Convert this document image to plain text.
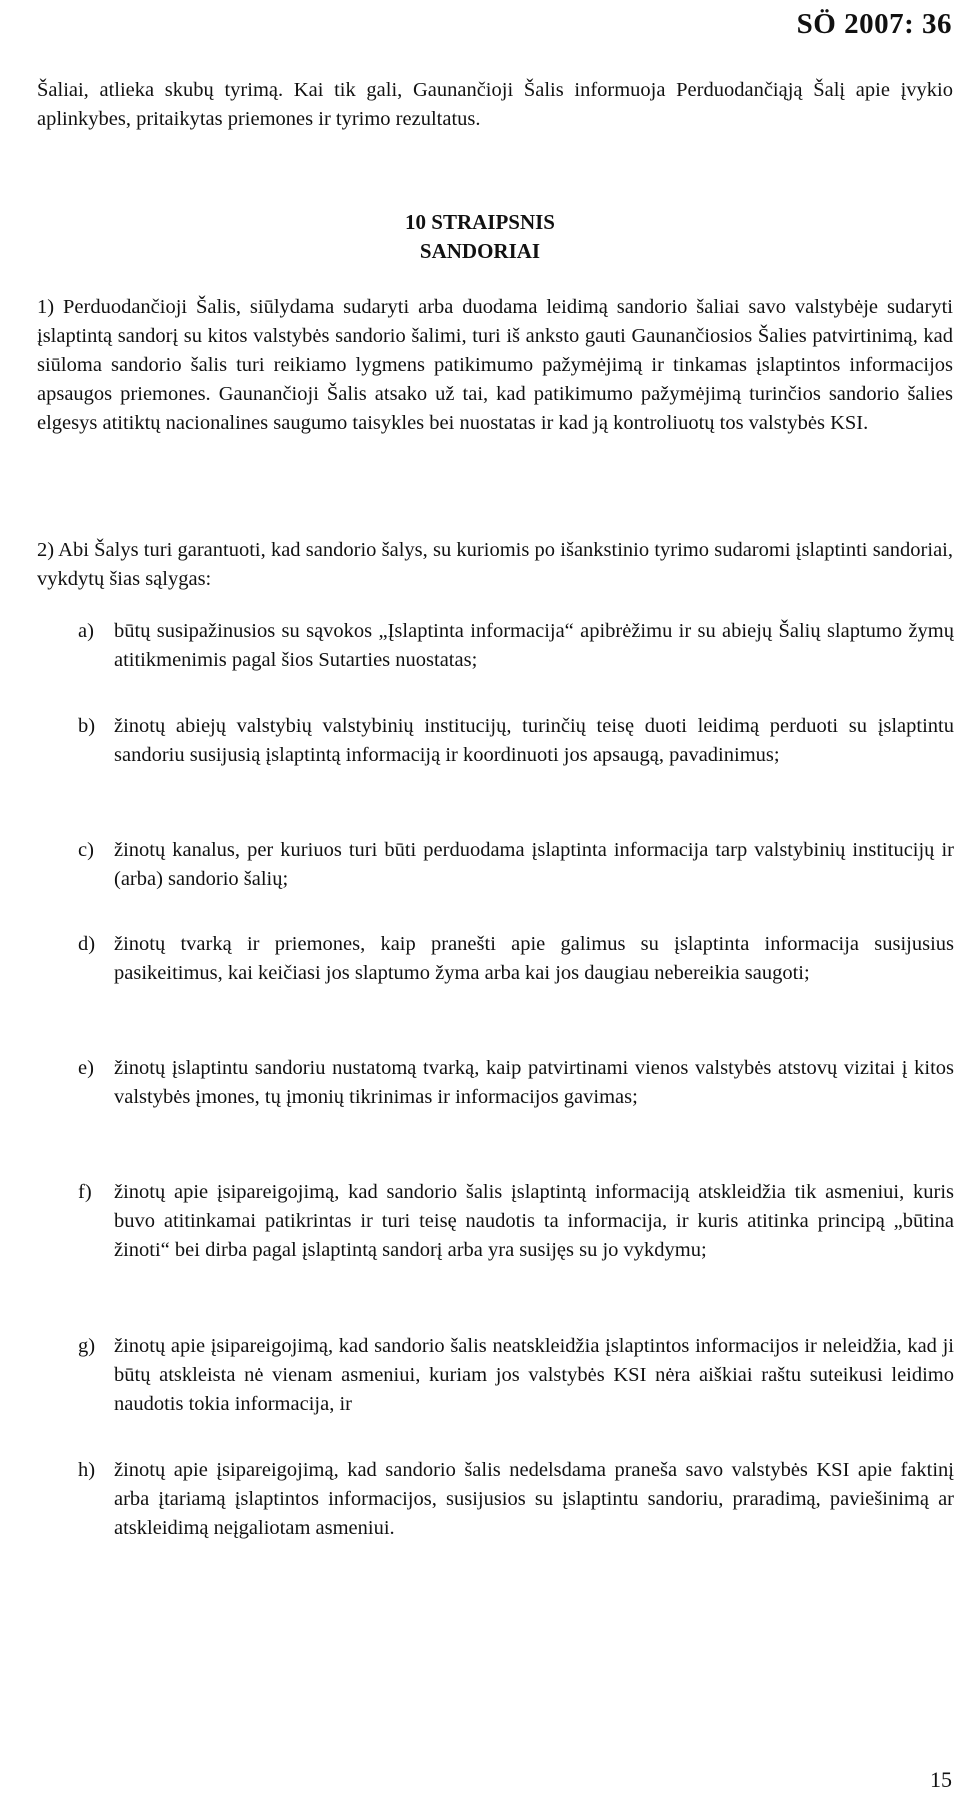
SÖ 2007: 36
Šaliai, atlieka skubų tyrimą. Kai tik gali, Gaunančioji Šalis informuoja Perduodančiąją Šalį apie įvykio aplinkybes, pritaikytas priemones ir tyrimo rezultatus.
10 STRAIPSNIS
SANDORIAI
1) Perduodančioji Šalis, siūlydama sudaryti arba duodama leidimą sandorio šaliai savo valstybėje sudaryti įslaptintą sandorį su kitos valstybės sandorio šalimi, turi iš anksto gauti Gaunančiosios Šalies patvirtinimą, kad siūloma sandorio šalis turi reikiamo lygmens patikimumo pažymėjimą ir tinkamas įslaptintos informacijos apsaugos priemones. Gaunančioji Šalis atsako už tai, kad patikimumo pažymėjimą turinčios sandorio šalies elgesys atitiktų nacionalines saugumo taisykles bei nuostatas ir kad ją kontroliuotų tos valstybės KSI.
2) Abi Šalys turi garantuoti, kad sandorio šalys, su kuriomis po išankstinio tyrimo sudaromi įslaptinti sandoriai, vykdytų šias sąlygas:
a) būtų susipažinusios su sąvokos „Įslaptinta informacija“ apibrėžimu ir su abiejų Šalių slaptumo žymų atitikmenimis pagal šios Sutarties nuostatas;
b) žinotų abiejų valstybių valstybinių institucijų, turinčių teisę duoti leidimą perduoti su įslaptintu sandoriu susijusią įslaptintą informaciją ir koordinuoti jos apsaugą, pavadinimus;
c) žinotų kanalus, per kuriuos turi būti perduodama įslaptinta informacija tarp valstybinių institucijų ir (arba) sandorio šalių;
d) žinotų tvarką ir priemones, kaip pranešti apie galimus su įslaptinta informacija susijusius pasikeitimus, kai keičiasi jos slaptumo žyma arba kai jos daugiau nebereikia saugoti;
e) žinotų įslaptintu sandoriu nustatomą tvarką, kaip patvirtinami vienos valstybės atstovų vizitai į kitos valstybės įmones, tų įmonių tikrinimas ir informacijos gavimas;
f) žinotų apie įsipareigojimą, kad sandorio šalis įslaptintą informaciją atskleidžia tik asmeniui, kuris buvo atitinkamai patikrintas ir turi teisę naudotis ta informacija, ir kuris atitinka principą „būtina žinoti“ bei dirba pagal įslaptintą sandorį arba yra susijęs su jo vykdymu;
g) žinotų apie įsipareigojimą, kad sandorio šalis neatskleidžia įslaptintos informacijos ir neleidžia, kad ji būtų atskleista nė vienam asmeniui, kuriam jos valstybės KSI nėra aiškiai raštu suteikusi leidimo naudotis tokia informacija, ir
h) žinotų apie įsipareigojimą, kad sandorio šalis nedelsdama praneša savo valstybės KSI apie faktinį arba įtariamą įslaptintos informacijos, susijusios su įslaptintu sandoriu, praradimą, paviešinimą ar atskleidimą neįgaliotam asmeniui.
15
